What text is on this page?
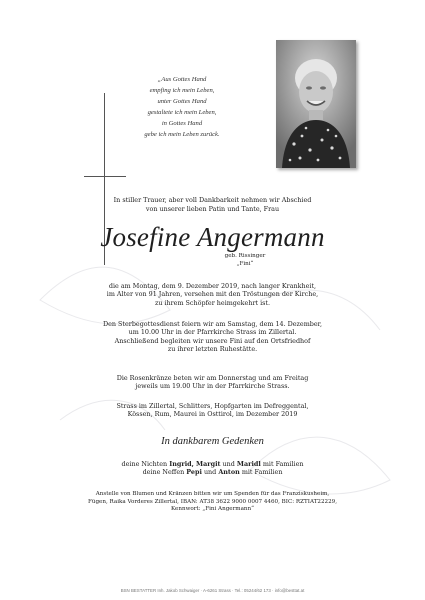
„Aus Gottes Hand
empfing ich mein Leben,
unter Gottes Hand
gestaltete ich mein Leben,
in Gottes Hand
gebe ich mein Leben zurück.
In stiller Trauer, aber voll Dankbarkeit nehmen wir Abschied
von unserer lieben Patin und Tante, Frau
Josefine Angermann
geb. Rissinger
„Fini“
die am Montag, dem 9. Dezember 2019, nach langer Krankheit,
im Alter von 91 Jahren, versehen mit den Tröstungen der Kirche,
zu ihrem Schöpfer heimgekehrt ist.
Den Sterbegottesdienst feiern wir am Samstag, dem 14. Dezember,
um 10.00 Uhr in der Pfarrkirche Strass im Zillertal.
Anschließend begleiten wir unsere Fini auf den Ortsfriedhof
zu ihrer letzten Ruhestätte.
Die Rosenkränze beten wir am Donnerstag und am Freitag
jeweils um 19.00 Uhr in der Pfarrkirche Strass.
Strass im Zillertal, Schlitters, Hopfgarten im Defreggental,
Kössen, Rum, Maurei in Osttirol, im Dezember 2019
In dankbarem Gedenken
deine Nichten Ingrid, Margit und Maridl mit Familien
deine Neffen Pepi und Anton mit Familien
Anstelle von Blumen und Kränzen bitten wir um Spenden für das Franziskusheim,
Fügen, Raika Vorderes Zillertal, IBAN: AT38 3622 9000 0007 4460, BIC: RZTIAT22229,
Kennwort: „Fini Angermann“
BSN BESTATTER Inh. Jakob Schwaiger · A-6261 Strass · Tel.: 05244/62 173 · info@besttat.at
